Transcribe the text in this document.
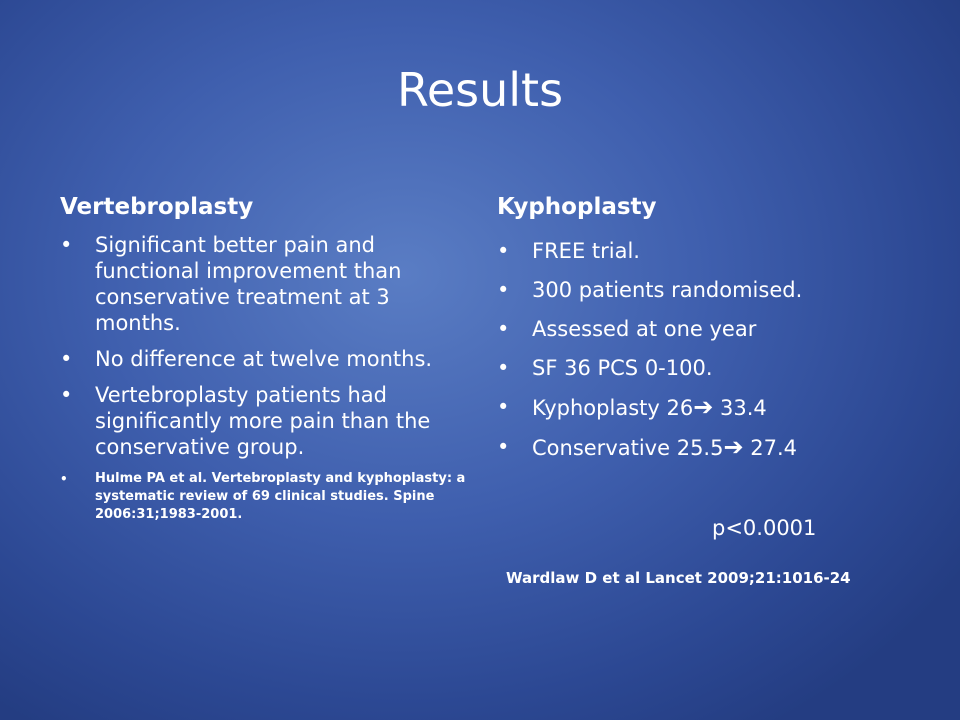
Results
Vertebroplasty
• Significant better pain and functional improvement than conservative treatment at 3 months.
• No difference at twelve months.
• Vertebroplasty patients had significantly more pain than the conservative group.
• Hulme PA et al. Vertebroplasty and kyphoplasty: a systematic review of 69 clinical studies. Spine 2006:31;1983-2001.
Kyphoplasty
• FREE trial.
• 300 patients randomised.
• Assessed at one year
• SF 36 PCS 0-100.
• Kyphoplasty 26➔ 33.4
• Conservative 25.5➔ 27.4
p<0.0001
Wardlaw D et al Lancet 2009;21:1016-24
